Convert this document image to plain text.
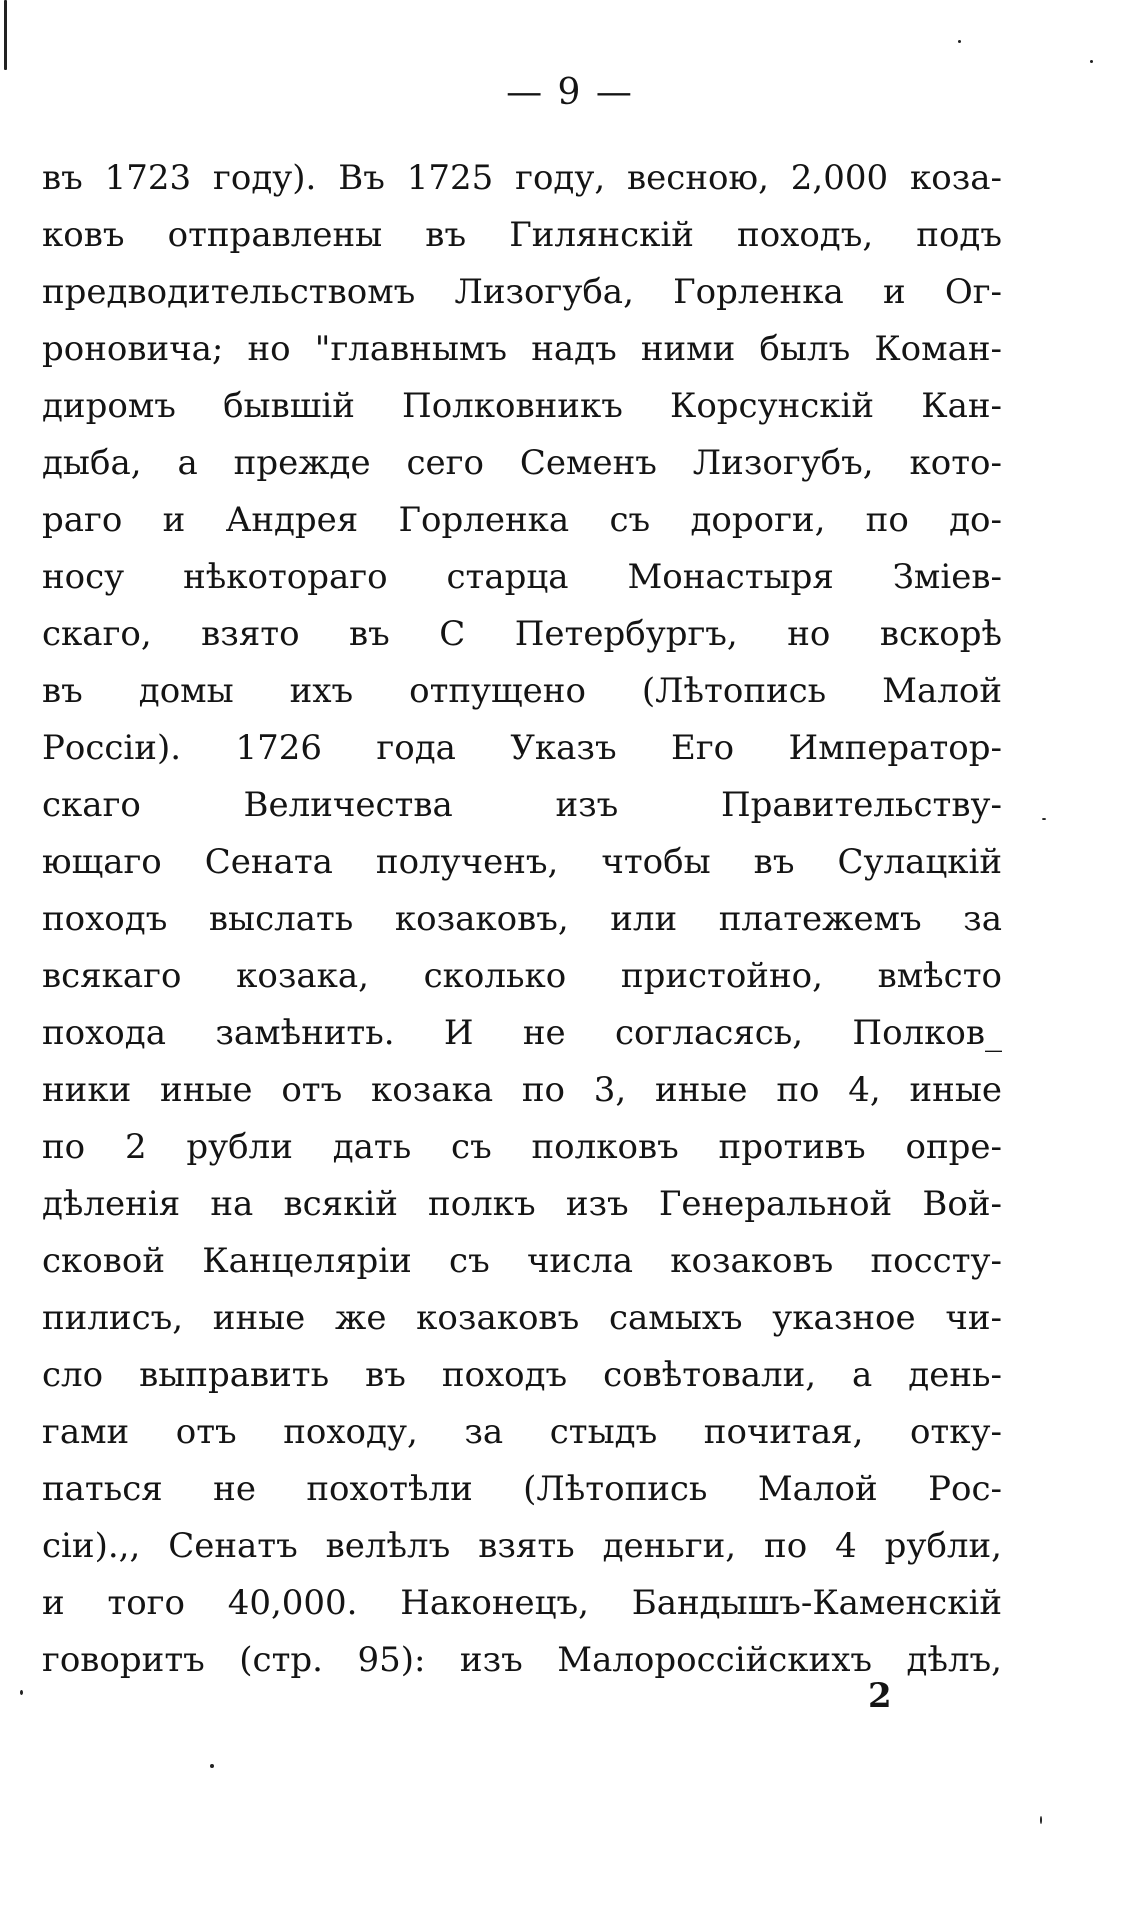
— 9 —
въ 1723 году). Въ 1725 году, весною, 2,000 коза-
ковъ отправлены въ Гилянскій походъ, подъ
предводительствомъ Лизогуба, Горленка и Ог-
роновича; но "главнымъ надъ ними былъ Коман-
диромъ бывшій Полковникъ Корсунскій Кан-
дыба, а прежде сего Семенъ Лизогубъ, кото-
раго и Андрея Горленка съ дороги, по до-
носу нѣкотораго старца Монастыря Зміев-
скаго, взято въ С Петербургъ, но вскорѣ
въ домы ихъ отпущено (Лѣтопись Малой
Россіи). 1726 года Указъ Его Император-
скаго Величества изъ Правительству-
ющаго Сената полученъ, чтобы въ Сулацкій
походъ выслать козаковъ, или платежемъ за
всякаго козака, сколько пристойно, вмѣсто
похода замѣнить. И не согласясь, Полков_
ники иные отъ козака по 3, иные по 4, иные
по 2 рубли дать съ полковъ противъ опре-
дѣленія на всякій полкъ изъ Генеральной Вой-
сковой Канцеляріи съ числа козаковъ поссту-
пилисъ, иные же козаковъ самыхъ указное чи-
сло выправить въ походъ совѣтовали, а день-
гами отъ походу, за стыдъ почитая, отку-
паться не похотѣли (Лѣтопись Малой Рос-
сіи).,, Сенатъ велѣлъ взять деньги, по 4 рубли,
и того 40,000. Наконецъ, Бандышъ-Каменскій
говоритъ (стр. 95): изъ Малороссійскихъ дѣлъ,
2
